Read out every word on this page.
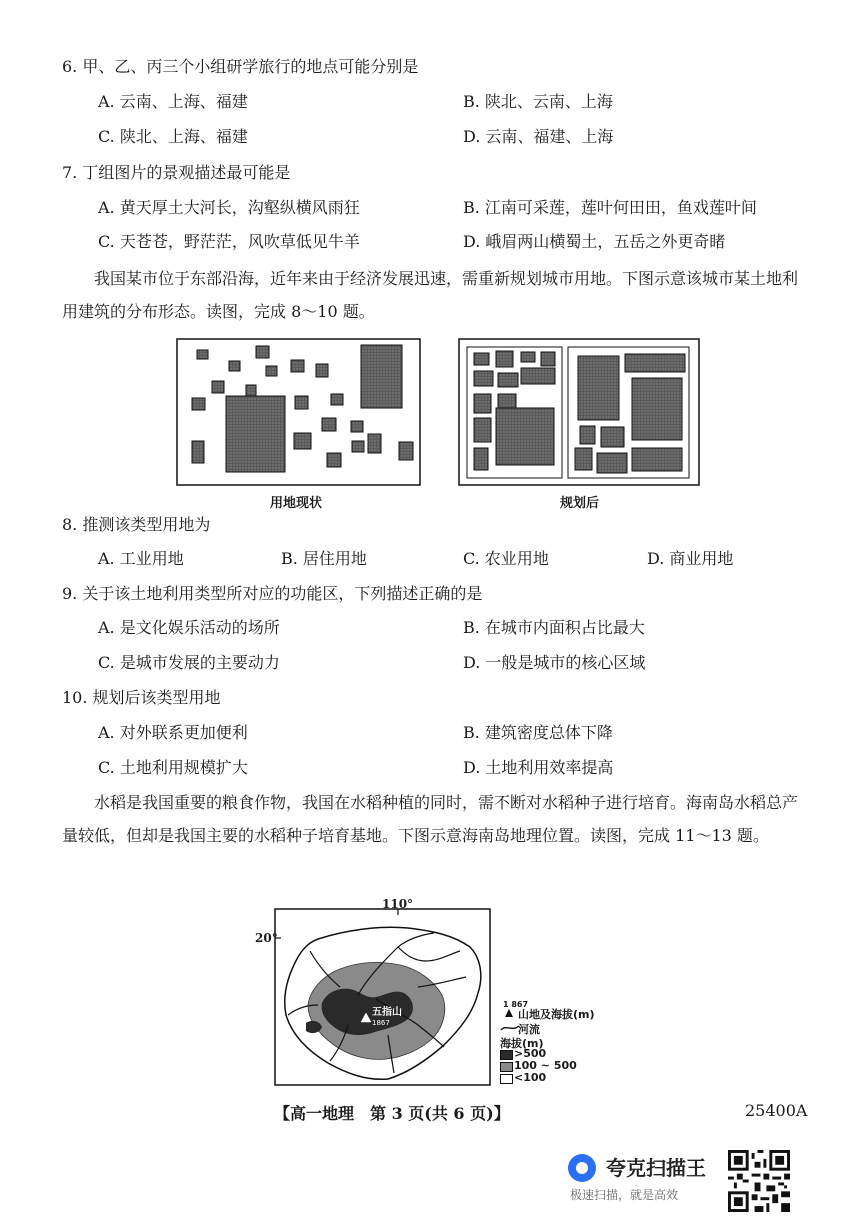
6. 甲、乙、丙三个小组研学旅行的地点可能分别是
A. 云南、上海、福建	B. 陕北、云南、上海
C. 陕北、上海、福建	D. 云南、福建、上海
7. 丁组图片的景观描述最可能是
A. 黄天厚土大河长，沟壑纵横风雨狂	B. 江南可采莲，莲叶何田田，鱼戏莲叶间
C. 天苍苍，野茫茫，风吹草低见牛羊	D. 峨眉两山横蜀土，五岳之外更奇睹
我国某市位于东部沿海，近年来由于经济发展迅速，需重新规划城市用地。下图示意该城市某土地利用建筑的分布形态。读图，完成 8～10 题。
用地现状	规划后
8. 推测该类型用地为
A. 工业用地	B. 居住用地	C. 农业用地	D. 商业用地
9. 关于该土地利用类型所对应的功能区，下列描述正确的是
A. 是文化娱乐活动的场所	B. 在城市内面积占比最大
C. 是城市发展的主要动力	D. 一般是城市的核心区域
10. 规划后该类型用地
A. 对外联系更加便利	B. 建筑密度总体下降
C. 土地利用规模扩大	D. 土地利用效率提高
水稻是我国重要的粮食作物，我国在水稻种植的同时，需不断对水稻种子进行培育。海南岛水稻总产量较低，但却是我国主要的水稻种子培育基地。下图示意海南岛地理位置。读图，完成 11～13 题。
五指山
1867
110°
20°
1 867
山地及海拔(m)
河流
海拔(m)
>500
100 ~ 500
<100
【高一地理　第 3 页(共 6 页)】	25400A
夸克扫描王
极速扫描，就是高效
